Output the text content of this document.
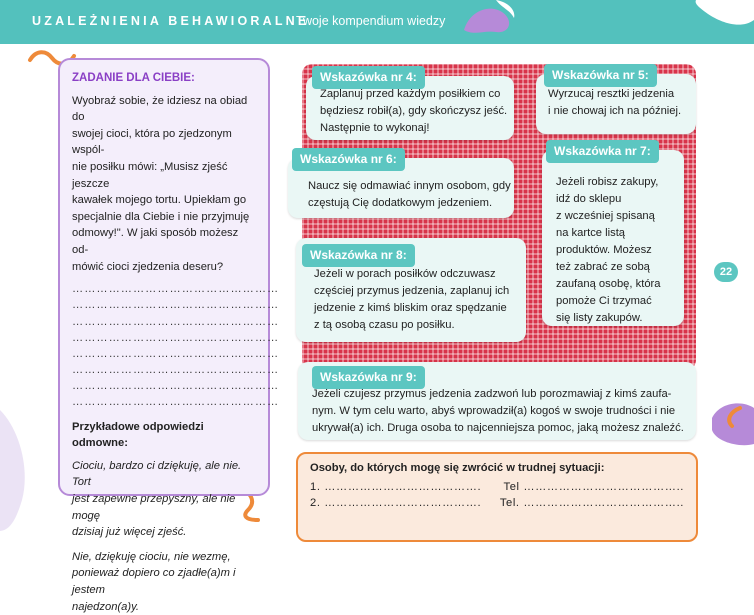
UZALEŻNIENIA BEHAWIORALNE
Twoje kompendium wiedzy
22
ZADANIE DLA CIEBIE:
Wyobraź sobie, że idziesz na obiad do
swojej cioci, która po zjedzonym wspól-
nie posiłku mówi: „Musisz zjeść jeszcze
kawałek mojego tortu. Upiekłam go
specjalnie dla Ciebie i nie przyjmuję
odmowy!". W jaki sposób możesz od-
mówić cioci zjedzenia deseru?
……………………………………………
……………………………………………
……………………………………………
……………………………………………
……………………………………………
……………………………………………
……………………………………………
……………………………………………
Przykładowe odpowiedzi odmowne:
Ciociu, bardzo ci dziękuję, ale nie. Tort
jest zapewne przepyszny, ale nie mogę
dzisiaj już więcej zjeść.
Nie, dziękuję ciociu, nie wezmę,
ponieważ dopiero co zjadłe(a)m i jestem
najedzon(a)y.
Wskazówka nr 4:
Zaplanuj przed każdym posiłkiem co
będziesz robił(a), gdy skończysz jeść.
Następnie to wykonaj!
Wskazówka nr 5:
Wyrzucaj resztki jedzenia
i nie chowaj ich na później.
Wskazówka nr 6:
Naucz się odmawiać innym osobom, gdy
częstują Cię dodatkowym jedzeniem.
Wskazówka nr 7:
Jeżeli robisz zakupy,
idź do sklepu
z wcześniej spisaną
na kartce listą
produktów. Możesz
też zabrać ze sobą
zaufaną osobę, która
pomoże Ci trzymać
się listy zakupów.
Wskazówka nr 8:
Jeżeli w porach posiłków odczuwasz
częściej przymus jedzenia, zaplanuj ich
jedzenie z kimś bliskim oraz spędzanie
z tą osobą czasu po posiłku.
Wskazówka nr 9:
Jeżeli czujesz przymus jedzenia zadzwoń lub porozmawiaj z kimś zaufa-
nym. W tym celu warto, abyś wprowadził(a) kogoś w swoje trudności i nie
ukrywał(a) ich. Druga osoba to najcenniejsza pomoc, jaką możesz znaleźć.
Osoby, do których mogę się zwrócić w trudnej sytuacji:
1. ………………………………….	Tel …………………………………..
2. ………………………………….	Tel. …………………………………..
